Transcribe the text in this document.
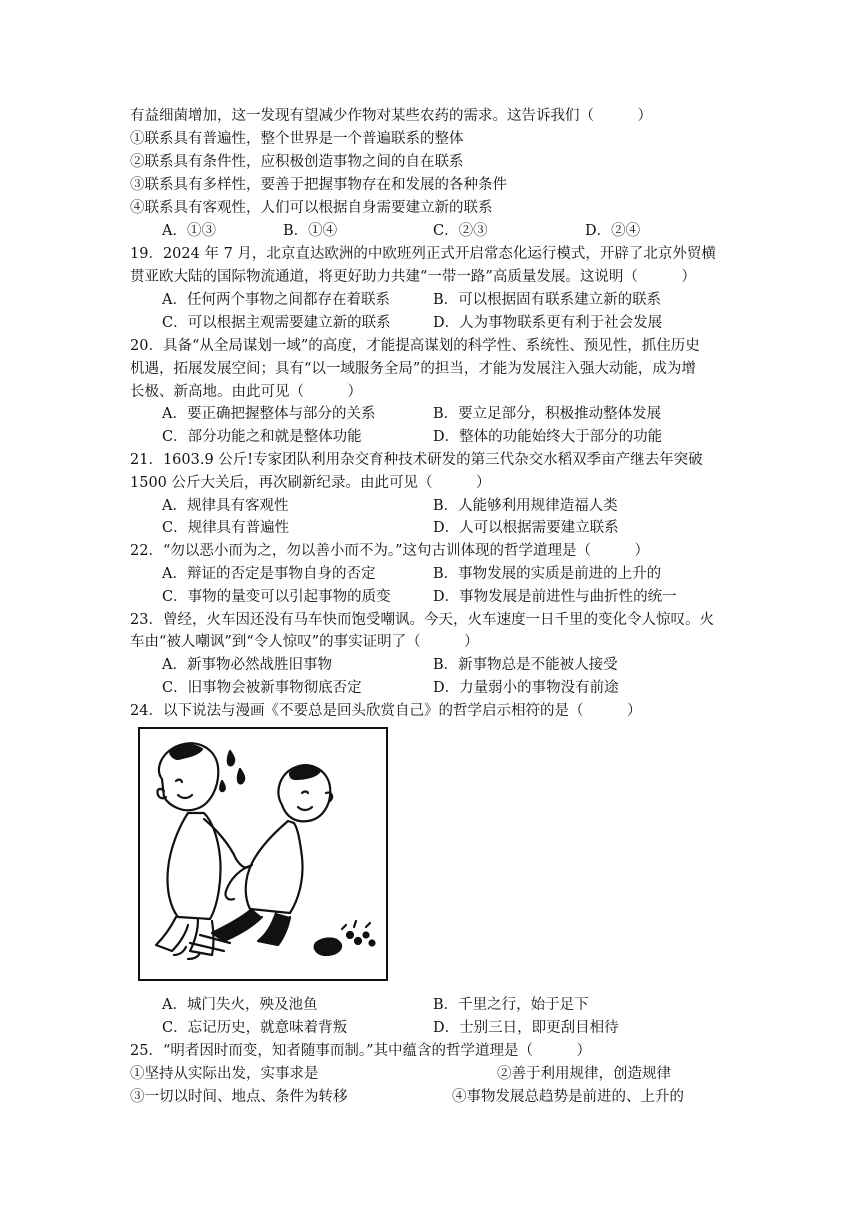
有益细菌增加，这一发现有望减少作物对某些农药的需求。这告诉我们（　　　）
①联系具有普遍性，整个世界是一个普遍联系的整体
②联系具有条件性，应积极创造事物之间的自在联系
③联系具有多样性，要善于把握事物存在和发展的各种条件
④联系具有客观性，人们可以根据自身需要建立新的联系
A．①③	B．①④	C．②③	D．②④
19．2024 年 7 月，北京直达欧洲的中欧班列正式开启常态化运行模式，开辟了北京外贸横
贯亚欧大陆的国际物流通道，将更好助力共建“一带一路”高质量发展。这说明（　　　）
A．任何两个事物之间都存在着联系	B．可以根据固有联系建立新的联系
C．可以根据主观需要建立新的联系	D．人为事物联系更有利于社会发展
20．具备“从全局谋划一域”的高度，才能提高谋划的科学性、系统性、预见性，抓住历史
机遇，拓展发展空间；具有“以一域服务全局”的担当，才能为发展注入强大动能，成为增
长极、新高地。由此可见（　　　）
A．要正确把握整体与部分的关系	B．要立足部分，积极推动整体发展
C．部分功能之和就是整体功能	D．整体的功能始终大于部分的功能
21．1603.9 公斤!专家团队利用杂交育种技术研发的第三代杂交水稻双季亩产继去年突破
1500 公斤大关后，再次刷新纪录。由此可见（　　　）
A．规律具有客观性	B．人能够利用规律造福人类
C．规律具有普遍性	D．人可以根据需要建立联系
22．“勿以恶小而为之，勿以善小而不为。”这句古训体现的哲学道理是（　　　）
A．辩证的否定是事物自身的否定	B．事物发展的实质是前进的上升的
C．事物的量变可以引起事物的质变	D．事物发展是前进性与曲折性的统一
23．曾经，火车因还没有马车快而饱受嘲讽。今天，火车速度一日千里的变化令人惊叹。火
车由“被人嘲讽”到“令人惊叹”的事实证明了（　　　）
A．新事物必然战胜旧事物	B．新事物总是不能被人接受
C．旧事物会被新事物彻底否定	D．力量弱小的事物没有前途
24．以下说法与漫画《不要总是回头欣赏自己》的哲学启示相符的是（　　　）
A．城门失火，殃及池鱼	B．千里之行，始于足下
C．忘记历史，就意味着背叛	D．士别三日，即更刮目相待
25．“明者因时而变，知者随事而制。”其中蕴含的哲学道理是（　　　）
①坚持从实际出发，实事求是	②善于利用规律，创造规律
③一切以时间、地点、条件为转移	④事物发展总趋势是前进的、上升的
